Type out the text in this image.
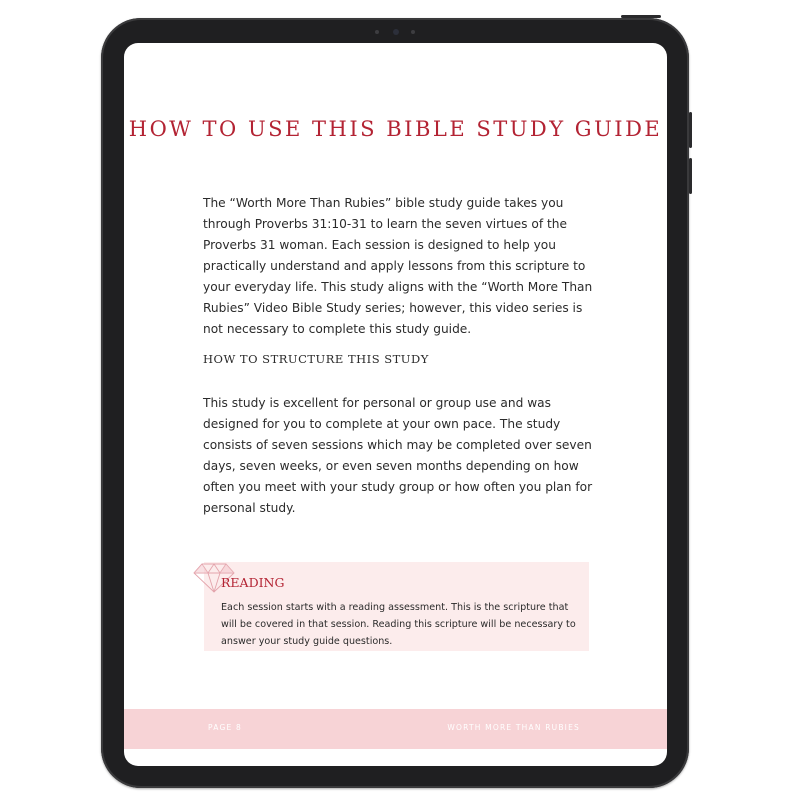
HOW TO USE THIS BIBLE STUDY GUIDE

The “Worth More Than Rubies” bible study guide takes you through Proverbs 31:10-31 to learn the seven virtues of the Proverbs 31 woman. Each session is designed to help you practically understand and apply lessons from this scripture to your everyday life. This study aligns with the “Worth More Than Rubies” Video Bible Study series; however, this video series is not necessary to complete this study guide.

HOW TO STRUCTURE THIS STUDY

This study is excellent for personal or group use and was designed for you to complete at your own pace. The study consists of seven sessions which may be completed over seven days, seven weeks, or even seven months depending on how often you meet with your study group or how often you plan for personal study.

READING

Each session starts with a reading assessment. This is the scripture that will be covered in that session. Reading this scripture will be necessary to answer your study guide questions.

PAGE 8	WORTH MORE THAN RUBIES
